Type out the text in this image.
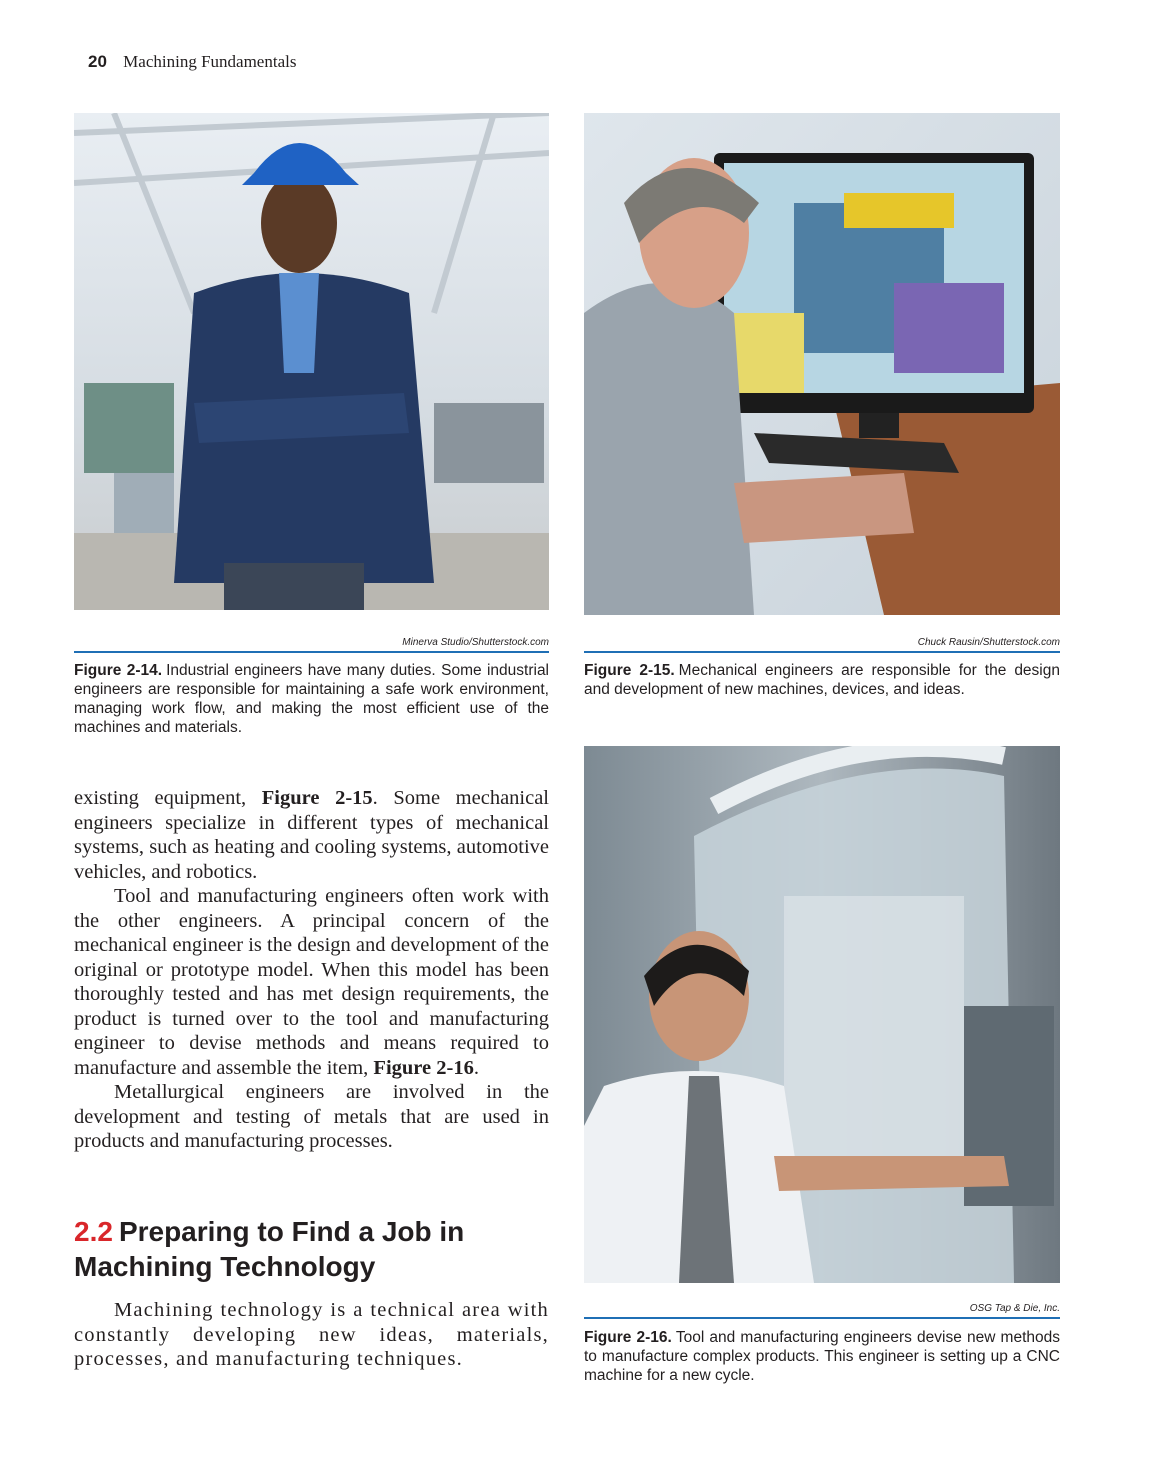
20 Machining Fundamentals
Minerva Studio/Shutterstock.com
Figure 2-14. Industrial engineers have many duties. Some industrial engineers are responsible for maintaining a safe work environment, managing work flow, and making the most efficient use of the machines and materials.
Chuck Rausin/Shutterstock.com
Figure 2-15. Mechanical engineers are responsible for the design and development of new machines, devices, and ideas.
OSG Tap & Die, Inc.
Figure 2-16. Tool and manufacturing engineers devise new methods to manufacture complex products. This engineer is setting up a CNC machine for a new cycle.

existing equipment, Figure 2-15. Some mechanical engineers specialize in different types of mechanical systems, such as heating and cooling systems, automotive vehicles, and robotics.

Tool and manufacturing engineers often work with the other engineers. A principal concern of the mechanical engineer is the design and development of the original or prototype model. When this model has been thoroughly tested and has met design requirements, the product is turned over to the tool and manufacturing engineer to devise methods and means required to manufacture and assemble the item, Figure 2-16.

Metallurgical engineers are involved in the development and testing of metals that are used in products and manufacturing processes.

2.2 Preparing to Find a Job in Machining Technology
Machining technology is a technical area with constantly developing new ideas, materials, processes, and manufacturing techniques.
